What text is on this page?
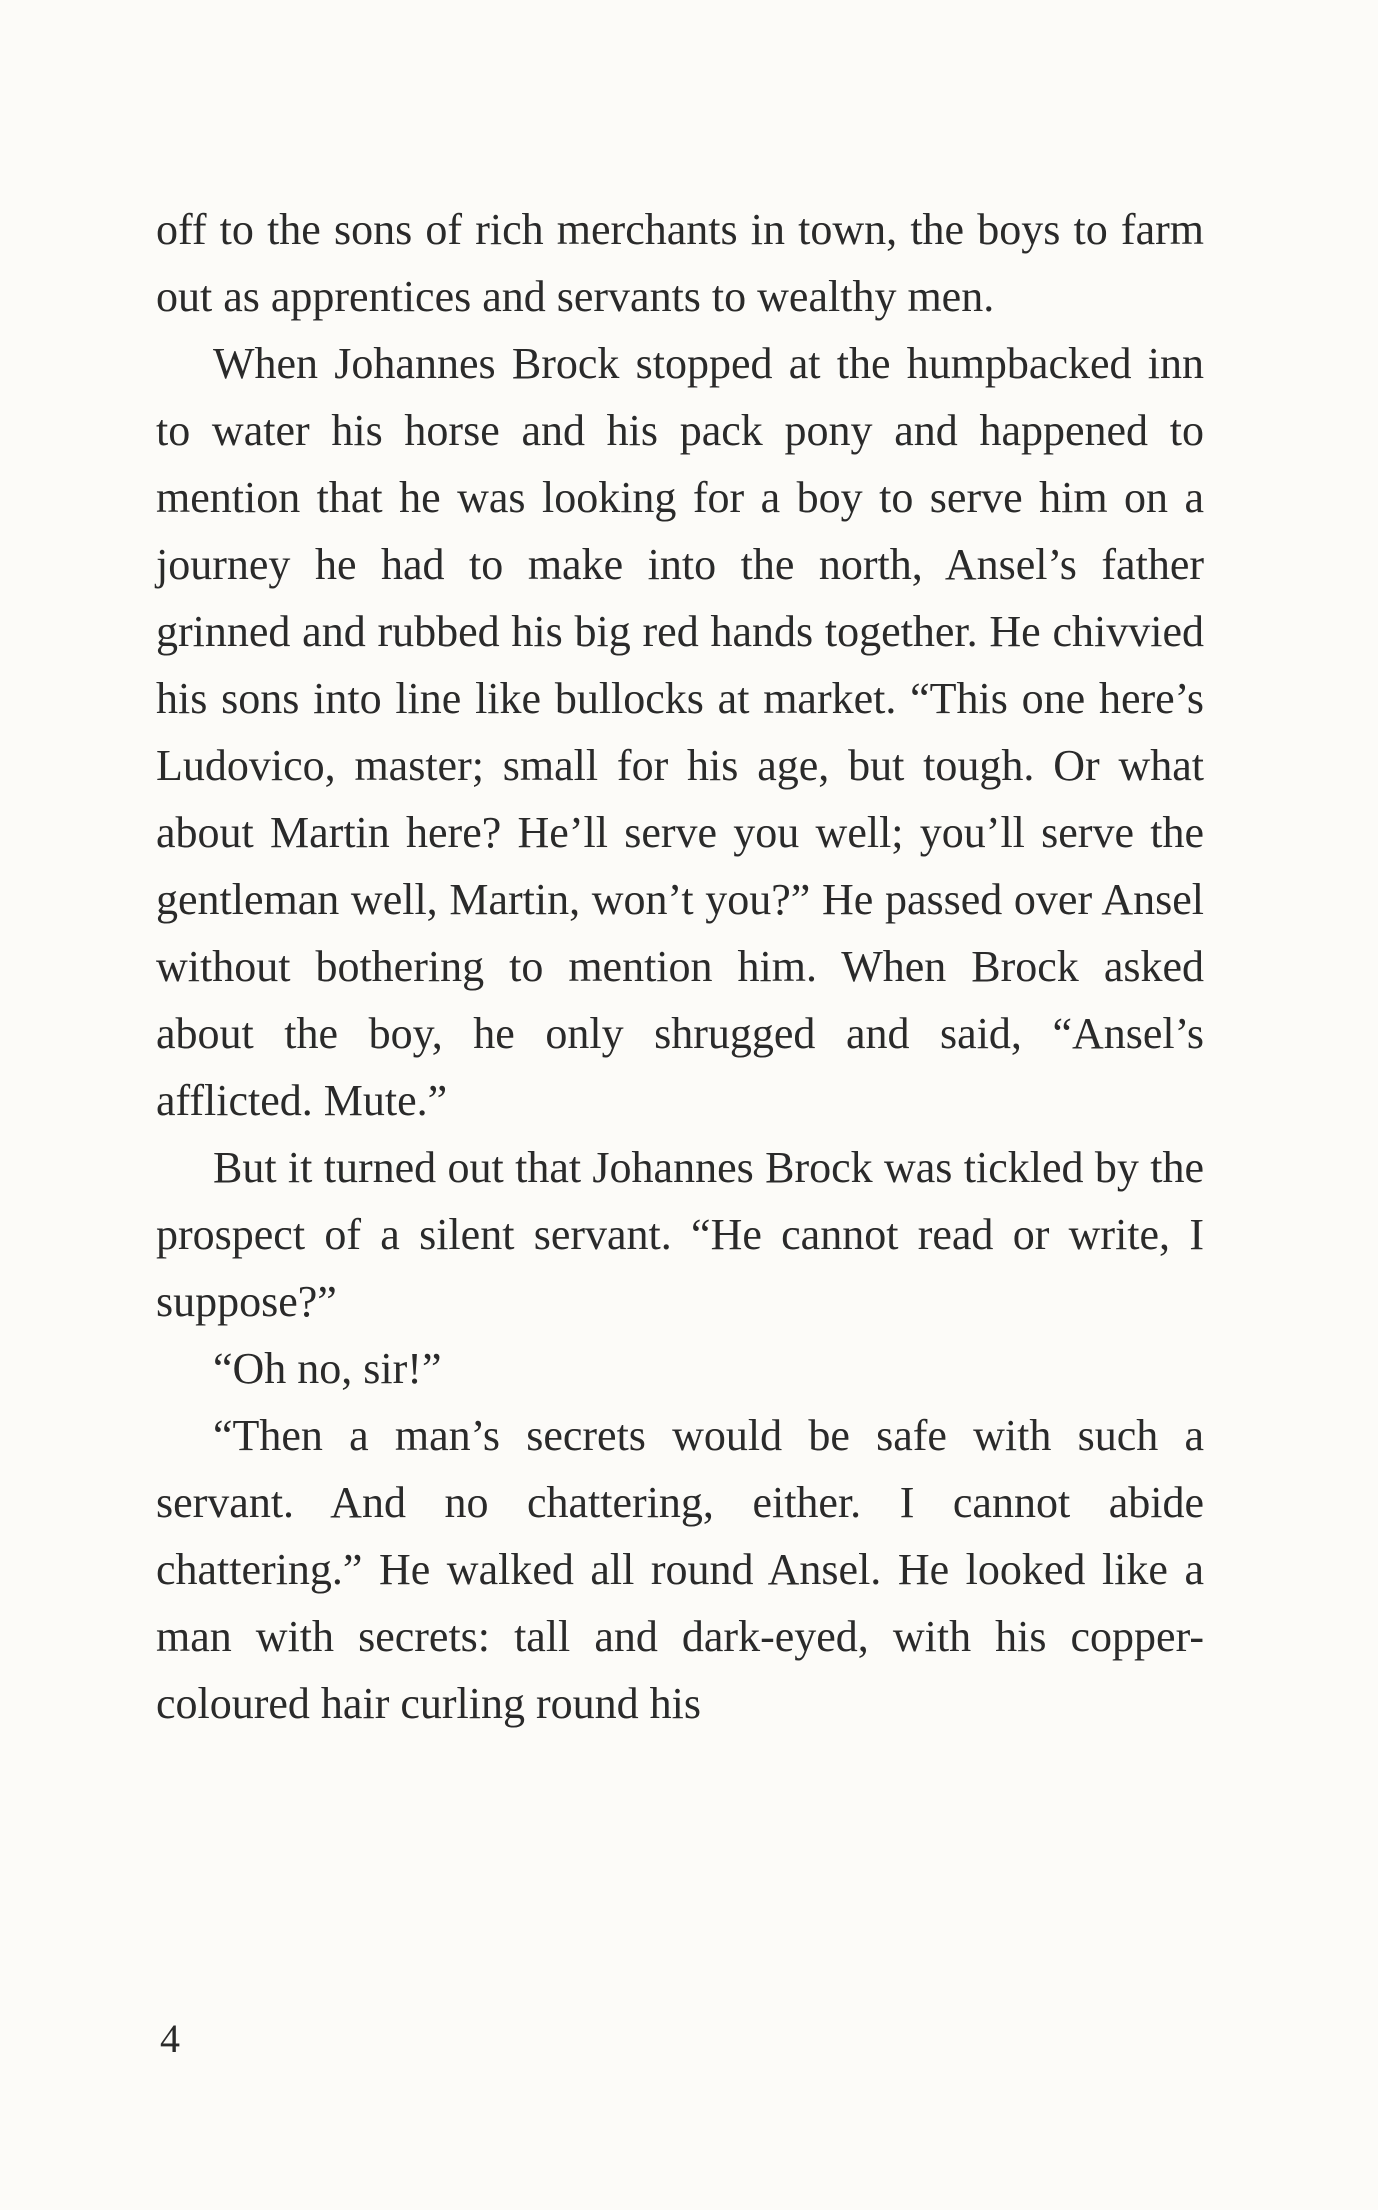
off to the sons of rich merchants in town, the boys to farm out as apprentices and servants to wealthy men.

When Johannes Brock stopped at the humpbacked inn to water his horse and his pack pony and happened to mention that he was looking for a boy to serve him on a journey he had to make into the north, Ansel’s father grinned and rubbed his big red hands together. He chivvied his sons into line like bullocks at market. “This one here’s Ludovico, master; small for his age, but tough. Or what about Martin here? He’ll serve you well; you’ll serve the gentleman well, Martin, won’t you?” He passed over Ansel without bothering to mention him. When Brock asked about the boy, he only shrugged and said, “Ansel’s afflicted. Mute.”

But it turned out that Johannes Brock was tickled by the prospect of a silent servant. “He cannot read or write, I suppose?”

“Oh no, sir!”

“Then a man’s secrets would be safe with such a servant. And no chattering, either. I cannot abide chattering.” He walked all round Ansel. He looked like a man with secrets: tall and dark-eyed, with his copper-coloured hair curling round his

4
